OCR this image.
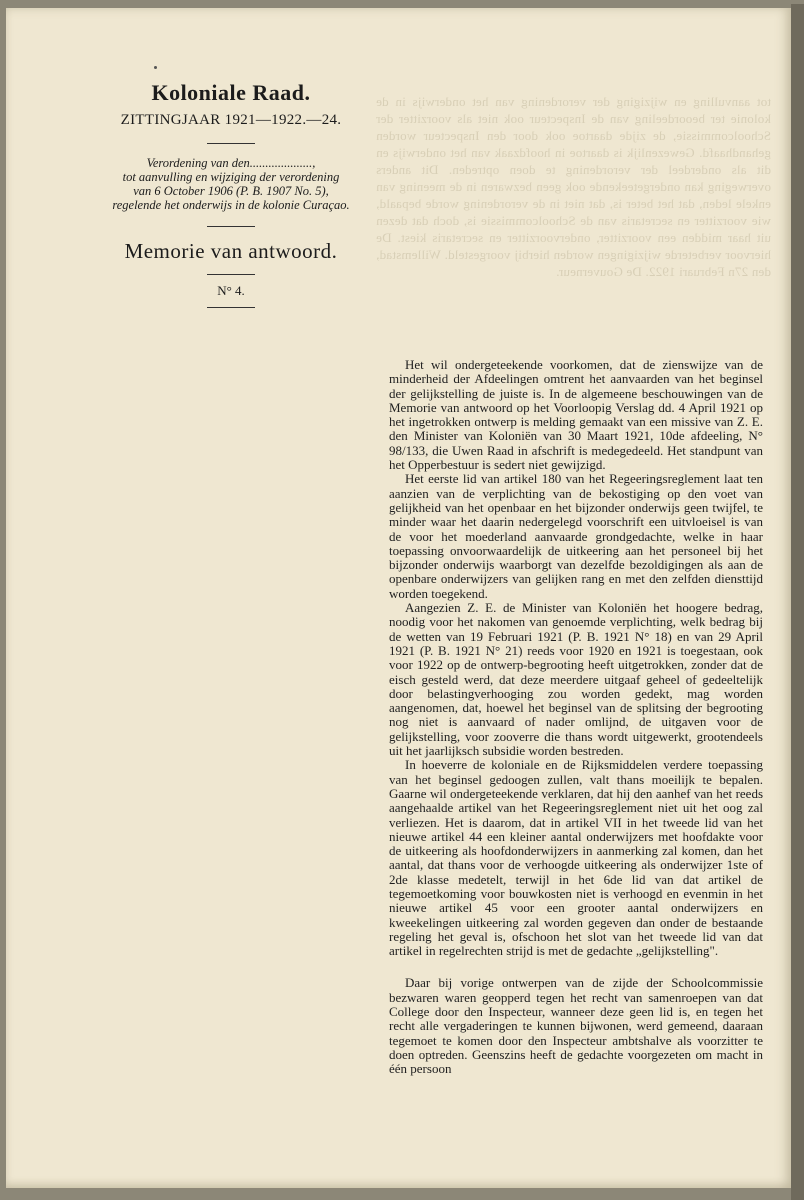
tot aanvulling en wijziging der verordening van het onderwijs in de kolonie ter beoordeeling van de Inspecteur ook niet als voorzitter der Schoolcommissie, de zijde daartoe ook door den Inspecteur worden gehandhaafd. Gewezenlijk is daartoe in hoofdzaak van het onderwijs en dit als onderdeel der verordening te doen optreden. Dit anders overweging kan ondergeteekende ook geen bezwaren in de meening van enkele leden, dat het beter is, dat niet in de verordening worde bepaald, wie voorzitter en secretaris van de Schoolcommissie is, doch dat dezen uit haar midden een voorzitter, ondervoorzitter en secretaris kiest. De hiervoor verbeterde wijzigingen worden hierbij voorgesteld. Willemstad, den 27n Februari 1922. De Gouverneur.
Koloniale Raad.
ZITTINGJAAR 1921—1922.—24.
Verordening van den....................,
tot aanvulling en wijziging der verordening
van 6 October 1906 (P. B. 1907 No. 5),
regelende het onderwijs in de kolonie Curaçao.
Memorie van antwoord.
N° 4.

Het wil ondergeteekende voorkomen, dat de zienswijze van de minderheid der Afdeelingen omtrent het aanvaarden van het beginsel der gelijkstelling de juiste is. In de algemeene beschouwingen van de Memorie van antwoord op het Voorloopig Verslag dd. 4 April 1921 op het ingetrokken ontwerp is melding gemaakt van een missive van Z. E. den Minister van Koloniën van 30 Maart 1921, 10de afdeeling, N° 98/133, die Uwen Raad in afschrift is medegedeeld. Het standpunt van het Opperbestuur is sedert niet gewijzigd.

Het eerste lid van artikel 180 van het Regeeringsreglement laat ten aanzien van de verplichting van de bekostiging op den voet van gelijkheid van het openbaar en het bijzonder onderwijs geen twijfel, te minder waar het daarin nedergelegd voorschrift een uitvloeisel is van de voor het moederland aanvaarde grondgedachte, welke in haar toepassing onvoorwaardelijk de uitkeering aan het personeel bij het bijzonder onderwijs waarborgt van dezelfde bezoldigingen als aan de openbare onderwijzers van gelijken rang en met den zelfden diensttijd worden toegekend.

Aangezien Z. E. de Minister van Koloniën het hoogere bedrag, noodig voor het nakomen van genoemde verplichting, welk bedrag bij de wetten van 19 Februari 1921 (P. B. 1921 N° 18) en van 29 April 1921 (P. B. 1921 N° 21) reeds voor 1920 en 1921 is toegestaan, ook voor 1922 op de ontwerp-begrooting heeft uitgetrokken, zonder dat de eisch gesteld werd, dat deze meerdere uitgaaf geheel of gedeeltelijk door belastingverhooging zou worden gedekt, mag worden aangenomen, dat, hoewel het beginsel van de splitsing der begrooting nog niet is aanvaard of nader omlijnd, de uitgaven voor de gelijkstelling, voor zooverre die thans wordt uitgewerkt, grootendeels uit het jaarlijksch subsidie worden bestreden.

In hoeverre de koloniale en de Rijksmiddelen verdere toepassing van het beginsel gedoogen zullen, valt thans moeilijk te bepalen. Gaarne wil ondergeteekende verklaren, dat hij den aanhef van het reeds aangehaalde artikel van het Regeeringsreglement niet uit het oog zal verliezen. Het is daarom, dat in artikel VII in het tweede lid van het nieuwe artikel 44 een kleiner aantal onderwijzers met hoofdakte voor de uitkeering als hoofdonderwijzers in aanmerking zal komen, dan het aantal, dat thans voor de verhoogde uitkeering als onderwijzer 1ste of 2de klasse medetelt, terwijl in het 6de lid van dat artikel de tegemoetkoming voor bouwkosten niet is verhoogd en evenmin in het nieuwe artikel 45 voor een grooter aantal onderwijzers en kweekelingen uitkeering zal worden gegeven dan onder de bestaande regeling het geval is, ofschoon het slot van het tweede lid van dat artikel in regelrechten strijd is met de gedachte „gelijkstelling".

Daar bij vorige ontwerpen van de zijde der Schoolcommissie bezwaren waren geopperd tegen het recht van samenroepen van dat College door den Inspecteur, wanneer deze geen lid is, en tegen het recht alle vergaderingen te kunnen bijwonen, werd gemeend, daaraan tegemoet te komen door den Inspecteur ambtshalve als voorzitter te doen optreden. Geenszins heeft de gedachte voorgezeten om macht in één persoon
